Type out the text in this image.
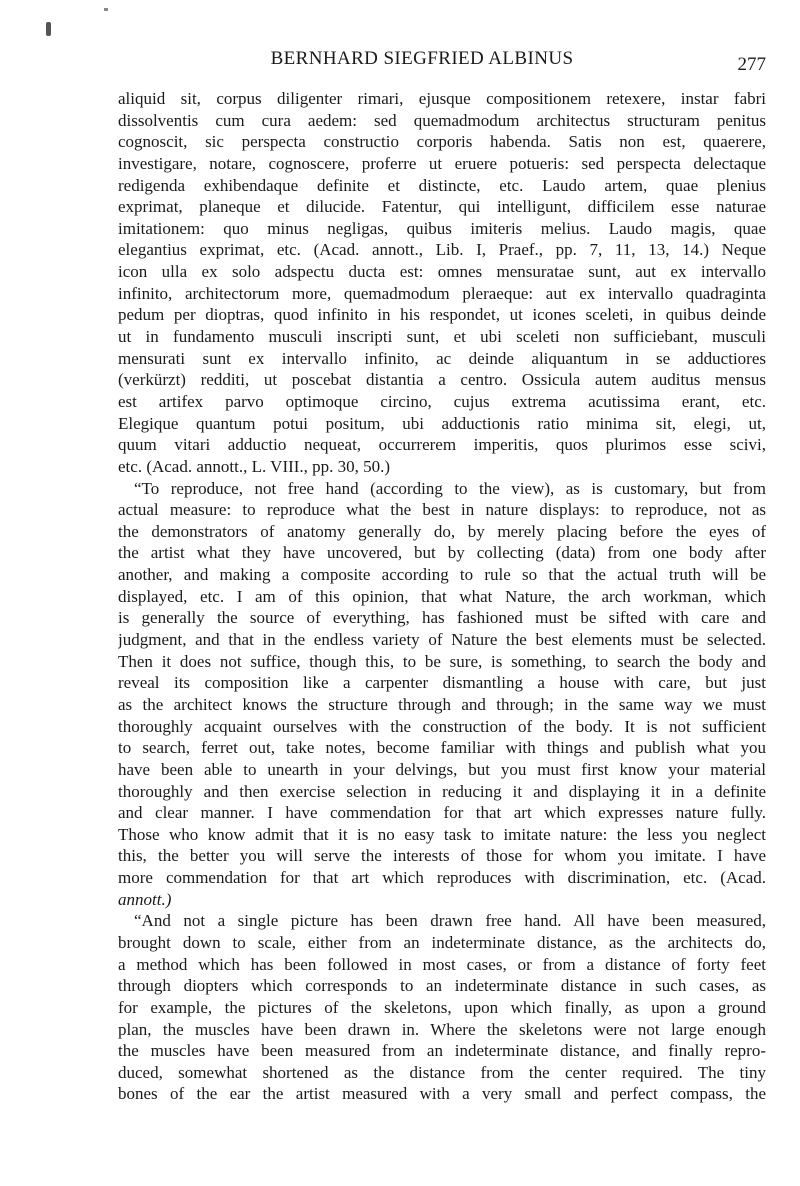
BERNHARD SIEGFRIED ALBINUS	277
aliquid sit, corpus diligenter rimari, ejusque compositionem retexere, instar fabri
dissolventis cum cura aedem: sed quemadmodum architectus structuram penitus
cognoscit, sic perspecta constructio corporis habenda. Satis non est, quaerere,
investigare, notare, cognoscere, proferre ut eruere potueris: sed perspecta delectaque
redigenda exhibendaque definite et distincte, etc. Laudo artem, quae plenius
exprimat, planeque et dilucide. Fatentur, qui intelligunt, difficilem esse naturae
imitationem: quo minus negligas, quibus imiteris melius. Laudo magis, quae
elegantius exprimat, etc. (Acad. annott., Lib. I, Praef., pp. 7, 11, 13, 14.) Neque
icon ulla ex solo adspectu ducta est: omnes mensuratae sunt, aut ex intervallo
infinito, architectorum more, quemadmodum pleraeque: aut ex intervallo quadraginta
pedum per dioptras, quod infinito in his respondet, ut icones sceleti, in quibus deinde
ut in fundamento musculi inscripti sunt, et ubi sceleti non sufficiebant, musculi
mensurati sunt ex intervallo infinito, ac deinde aliquantum in se adductiores
(verkürzt) redditi, ut poscebat distantia a centro. Ossicula autem auditus mensus
est artifex parvo optimoque circino, cujus extrema acutissima erant, etc.
Elegique quantum potui positum, ubi adductionis ratio minima sit, elegi, ut,
quum vitari adductio nequeat, occurrerem imperitis, quos plurimos esse scivi,
etc. (Acad. annott., L. VIII., pp. 30, 50.)
“To reproduce, not free hand (according to the view), as is customary, but from
actual measure: to reproduce what the best in nature displays: to reproduce, not as
the demonstrators of anatomy generally do, by merely placing before the eyes of
the artist what they have uncovered, but by collecting (data) from one body after
another, and making a composite according to rule so that the actual truth will be
displayed, etc. I am of this opinion, that what Nature, the arch workman, which
is generally the source of everything, has fashioned must be sifted with care and
judgment, and that in the endless variety of Nature the best elements must be selected.
Then it does not suffice, though this, to be sure, is something, to search the body and
reveal its composition like a carpenter dismantling a house with care, but just
as the architect knows the structure through and through; in the same way we must
thoroughly acquaint ourselves with the construction of the body. It is not sufficient
to search, ferret out, take notes, become familiar with things and publish what you
have been able to unearth in your delvings, but you must first know your material
thoroughly and then exercise selection in reducing it and displaying it in a definite
and clear manner. I have commendation for that art which expresses nature fully.
Those who know admit that it is no easy task to imitate nature: the less you neglect
this, the better you will serve the interests of those for whom you imitate. I have
more commendation for that art which reproduces with discrimination, etc. (Acad.
annott.)
“And not a single picture has been drawn free hand. All have been measured,
brought down to scale, either from an indeterminate distance, as the architects do,
a method which has been followed in most cases, or from a distance of forty feet
through diopters which corresponds to an indeterminate distance in such cases, as
for example, the pictures of the skeletons, upon which finally, as upon a ground
plan, the muscles have been drawn in. Where the skeletons were not large enough
the muscles have been measured from an indeterminate distance, and finally repro-
duced, somewhat shortened as the distance from the center required. The tiny
bones of the ear the artist measured with a very small and perfect compass, the
